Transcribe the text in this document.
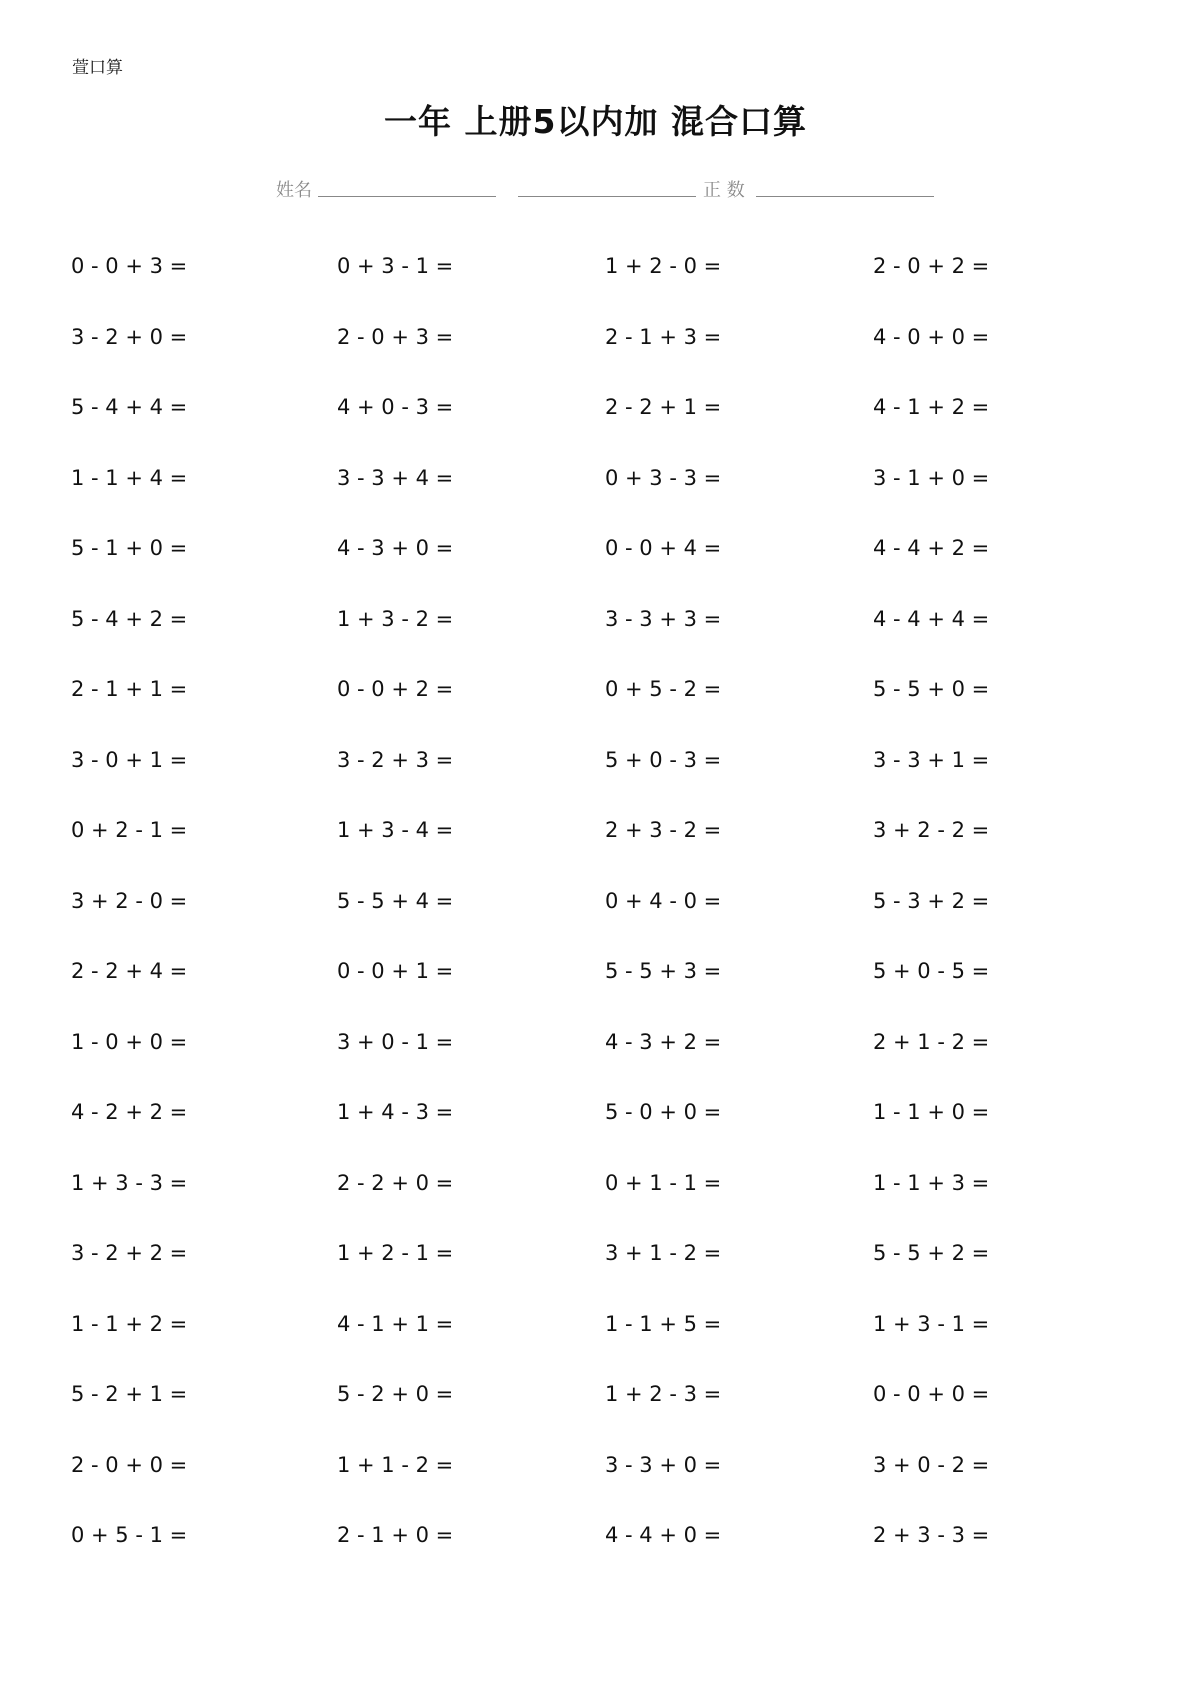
萱口算
一年 上册5以内加 混合口算
姓名	正 数
0 - 0 + 3 =	0 + 3 - 1 =	1 + 2 - 0 =	2 - 0 + 2 =
3 - 2 + 0 =	2 - 0 + 3 =	2 - 1 + 3 =	4 - 0 + 0 =
5 - 4 + 4 =	4 + 0 - 3 =	2 - 2 + 1 =	4 - 1 + 2 =
1 - 1 + 4 =	3 - 3 + 4 =	0 + 3 - 3 =	3 - 1 + 0 =
5 - 1 + 0 =	4 - 3 + 0 =	0 - 0 + 4 =	4 - 4 + 2 =
5 - 4 + 2 =	1 + 3 - 2 =	3 - 3 + 3 =	4 - 4 + 4 =
2 - 1 + 1 =	0 - 0 + 2 =	0 + 5 - 2 =	5 - 5 + 0 =
3 - 0 + 1 =	3 - 2 + 3 =	5 + 0 - 3 =	3 - 3 + 1 =
0 + 2 - 1 =	1 + 3 - 4 =	2 + 3 - 2 =	3 + 2 - 2 =
3 + 2 - 0 =	5 - 5 + 4 =	0 + 4 - 0 =	5 - 3 + 2 =
2 - 2 + 4 =	0 - 0 + 1 =	5 - 5 + 3 =	5 + 0 - 5 =
1 - 0 + 0 =	3 + 0 - 1 =	4 - 3 + 2 =	2 + 1 - 2 =
4 - 2 + 2 =	1 + 4 - 3 =	5 - 0 + 0 =	1 - 1 + 0 =
1 + 3 - 3 =	2 - 2 + 0 =	0 + 1 - 1 =	1 - 1 + 3 =
3 - 2 + 2 =	1 + 2 - 1 =	3 + 1 - 2 =	5 - 5 + 2 =
1 - 1 + 2 =	4 - 1 + 1 =	1 - 1 + 5 =	1 + 3 - 1 =
5 - 2 + 1 =	5 - 2 + 0 =	1 + 2 - 3 =	0 - 0 + 0 =
2 - 0 + 0 =	1 + 1 - 2 =	3 - 3 + 0 =	3 + 0 - 2 =
0 + 5 - 1 =	2 - 1 + 0 =	4 - 4 + 0 =	2 + 3 - 3 =
